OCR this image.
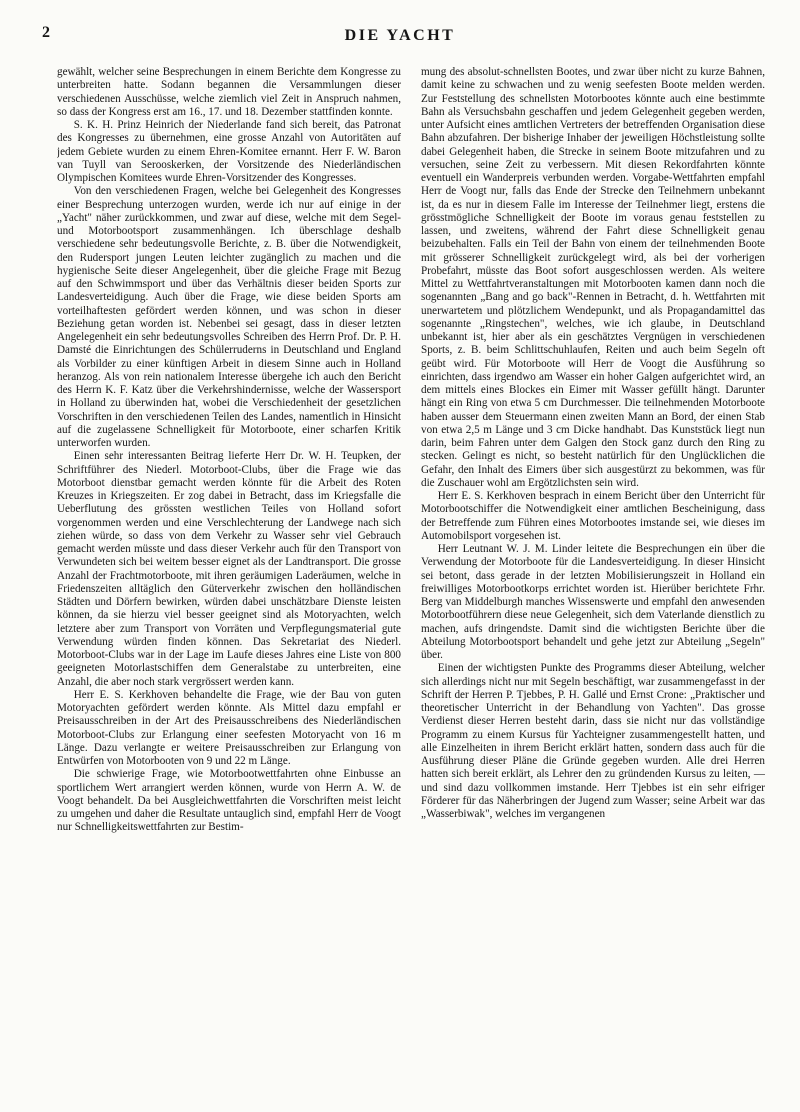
2	DIE YACHT

gewählt, welcher seine Besprechungen in einem Berichte dem Kongresse zu unterbreiten hatte. Sodann begannen die Versammlungen dieser verschiedenen Ausschüsse, welche ziemlich viel Zeit in Anspruch nahmen, so dass der Kongress erst am 16., 17. und 18. Dezember stattfinden konnte.

S. K. H. Prinz Heinrich der Niederlande fand sich bereit, das Patronat des Kongresses zu übernehmen, eine grosse Anzahl von Autoritäten auf jedem Gebiete wurden zu einem Ehren-Komitee ernannt. Herr F. W. Baron van Tuyll van Serooskerken, der Vorsitzende des Niederländischen Olympischen Komitees wurde Ehren-Vorsitzender des Kongresses.

Von den verschiedenen Fragen, welche bei Gelegenheit des Kongresses einer Besprechung unterzogen wurden, werde ich nur auf einige in der „Yacht" näher zurückkommen, und zwar auf diese, welche mit dem Segel- und Motorbootsport zusammenhängen. Ich überschlage deshalb verschiedene sehr bedeutungsvolle Berichte, z. B. über die Notwendigkeit, den Rudersport jungen Leuten leichter zugänglich zu machen und die hygienische Seite dieser Angelegenheit, über die gleiche Frage mit Bezug auf den Schwimmsport und über das Verhältnis dieser beiden Sports zur Landesverteidigung. Auch über die Frage, wie diese beiden Sports am vorteilhaftesten gefördert werden können, und was schon in dieser Beziehung getan worden ist. Nebenbei sei gesagt, dass in dieser letzten Angelegenheit ein sehr bedeutungsvolles Schreiben des Herrn Prof. Dr. P. H. Damsté die Einrichtungen des Schülerruderns in Deutschland und England als Vorbilder zu einer künftigen Arbeit in diesem Sinne auch in Holland heranzog. Als von rein nationalem Interesse übergehe ich auch den Bericht des Herrn K. F. Katz über die Verkehrshindernisse, welche der Wassersport in Holland zu überwinden hat, wobei die Verschiedenheit der gesetzlichen Vorschriften in den verschiedenen Teilen des Landes, namentlich in Hinsicht auf die zugelassene Schnelligkeit für Motorboote, einer scharfen Kritik unterworfen wurden.

Einen sehr interessanten Beitrag lieferte Herr Dr. W. H. Teupken, der Schriftführer des Niederl. Motorboot-Clubs, über die Frage wie das Motorboot dienstbar gemacht werden könnte für die Arbeit des Roten Kreuzes in Kriegszeiten. Er zog dabei in Betracht, dass im Kriegsfalle die Ueberflutung des grössten westlichen Teiles von Holland sofort vorgenommen werden und eine Verschlechterung der Landwege nach sich ziehen würde, so dass von dem Verkehr zu Wasser sehr viel Gebrauch gemacht werden müsste und dass dieser Verkehr auch für den Transport von Verwundeten sich bei weitem besser eignet als der Landtransport. Die grosse Anzahl der Frachtmotorboote, mit ihren geräumigen Laderäumen, welche in Friedenszeiten alltäglich den Güterverkehr zwischen den holländischen Städten und Dörfern bewirken, würden dabei unschätzbare Dienste leisten können, da sie hierzu viel besser geeignet sind als Motoryachten, welch letztere aber zum Transport von Vorräten und Verpflegungsmaterial gute Verwendung würden finden können. Das Sekretariat des Niederl. Motorboot-Clubs war in der Lage im Laufe dieses Jahres eine Liste von 800 geeigneten Motorlastschiffen dem Generalstabe zu unterbreiten, eine Anzahl, die aber noch stark vergrössert werden kann.

Herr E. S. Kerkhoven behandelte die Frage, wie der Bau von guten Motoryachten gefördert werden könnte. Als Mittel dazu empfahl er Preisausschreiben in der Art des Preisausschreibens des Niederländischen Motorboot-Clubs zur Erlangung einer seefesten Motoryacht von 16 m Länge. Dazu verlangte er weitere Preisausschreiben zur Erlangung von Entwürfen von Motorbooten von 9 und 22 m Länge.

Die schwierige Frage, wie Motorbootwettfahrten ohne Einbusse an sportlichem Wert arrangiert werden können, wurde von Herrn A. W. de Voogt behandelt. Da bei Ausgleichwettfahrten die Vorschriften meist leicht zu umgehen und daher die Resultate untauglich sind, empfahl Herr de Voogt nur Schnelligkeitswettfahrten zur Bestim-

mung des absolut-schnellsten Bootes, und zwar über nicht zu kurze Bahnen, damit keine zu schwachen und zu wenig seefesten Boote melden werden. Zur Feststellung des schnellsten Motorbootes könnte auch eine bestimmte Bahn als Versuchsbahn geschaffen und jedem Gelegenheit gegeben werden, unter Aufsicht eines amtlichen Vertreters der betreffenden Organisation diese Bahn abzufahren. Der bisherige Inhaber der jeweiligen Höchstleistung sollte dabei Gelegenheit haben, die Strecke in seinem Boote mitzufahren und zu versuchen, seine Zeit zu verbessern. Mit diesen Rekordfahrten könnte eventuell ein Wanderpreis verbunden werden. Vorgabe-Wettfahrten empfahl Herr de Voogt nur, falls das Ende der Strecke den Teilnehmern unbekannt ist, da es nur in diesem Falle im Interesse der Teilnehmer liegt, erstens die grösstmögliche Schnelligkeit der Boote im voraus genau feststellen zu lassen, und zweitens, während der Fahrt diese Schnelligkeit genau beizubehalten. Falls ein Teil der Bahn von einem der teilnehmenden Boote mit grösserer Schnelligkeit zurückgelegt wird, als bei der vorherigen Probefahrt, müsste das Boot sofort ausgeschlossen werden. Als weitere Mittel zu Wettfahrtveranstaltungen mit Motorbooten kamen dann noch die sogenannten „Bang and go back"-Rennen in Betracht, d. h. Wettfahrten mit unerwartetem und plötzlichem Wendepunkt, und als Propagandamittel das sogenannte „Ringstechen", welches, wie ich glaube, in Deutschland unbekannt ist, hier aber als ein geschätztes Vergnügen in verschiedenen Sports, z. B. beim Schlittschuhlaufen, Reiten und auch beim Segeln oft geübt wird. Für Motorboote will Herr de Voogt die Ausführung so einrichten, dass irgendwo am Wasser ein hoher Galgen aufgerichtet wird, an dem mittels eines Blockes ein Eimer mit Wasser gefüllt hängt. Darunter hängt ein Ring von etwa 5 cm Durchmesser. Die teilnehmenden Motorboote haben ausser dem Steuermann einen zweiten Mann an Bord, der einen Stab von etwa 2,5 m Länge und 3 cm Dicke handhabt. Das Kunststück liegt nun darin, beim Fahren unter dem Galgen den Stock ganz durch den Ring zu stecken. Gelingt es nicht, so besteht natürlich für den Unglücklichen die Gefahr, den Inhalt des Eimers über sich ausgestürzt zu bekommen, was für die Zuschauer wohl am Ergötzlichsten sein wird.

Herr E. S. Kerkhoven besprach in einem Bericht über den Unterricht für Motorbootschiffer die Notwendigkeit einer amtlichen Bescheinigung, dass der Betreffende zum Führen eines Motorbootes imstande sei, wie dieses im Automobilsport vorgesehen ist.

Herr Leutnant W. J. M. Linder leitete die Besprechungen ein über die Verwendung der Motorboote für die Landesverteidigung. In dieser Hinsicht sei betont, dass gerade in der letzten Mobilisierungszeit in Holland ein freiwilliges Motorbootkorps errichtet worden ist. Hierüber berichtete Frhr. Berg van Middelburgh manches Wissenswerte und empfahl den anwesenden Motorbootführern diese neue Gelegenheit, sich dem Vaterlande dienstlich zu machen, aufs dringendste. Damit sind die wichtigsten Berichte über die Abteilung Motorbootsport behandelt und gehe jetzt zur Abteilung „Segeln" über.

Einen der wichtigsten Punkte des Programms dieser Abteilung, welcher sich allerdings nicht nur mit Segeln beschäftigt, war zusammengefasst in der Schrift der Herren P. Tjebbes, P. H. Gallé und Ernst Crone: „Praktischer und theoretischer Unterricht in der Behandlung von Yachten". Das grosse Verdienst dieser Herren besteht darin, dass sie nicht nur das vollständige Programm zu einem Kursus für Yachteigner zusammengestellt hatten, und alle Einzelheiten in ihrem Bericht erklärt hatten, sondern dass auch für die Ausführung dieser Pläne die Gründe gegeben wurden. Alle drei Herren hatten sich bereit erklärt, als Lehrer den zu gründenden Kursus zu leiten, — und sind dazu vollkommen imstande. Herr Tjebbes ist ein sehr eifriger Förderer für das Näherbringen der Jugend zum Wasser; seine Arbeit war das „Wasserbiwak", welches im vergangenen
